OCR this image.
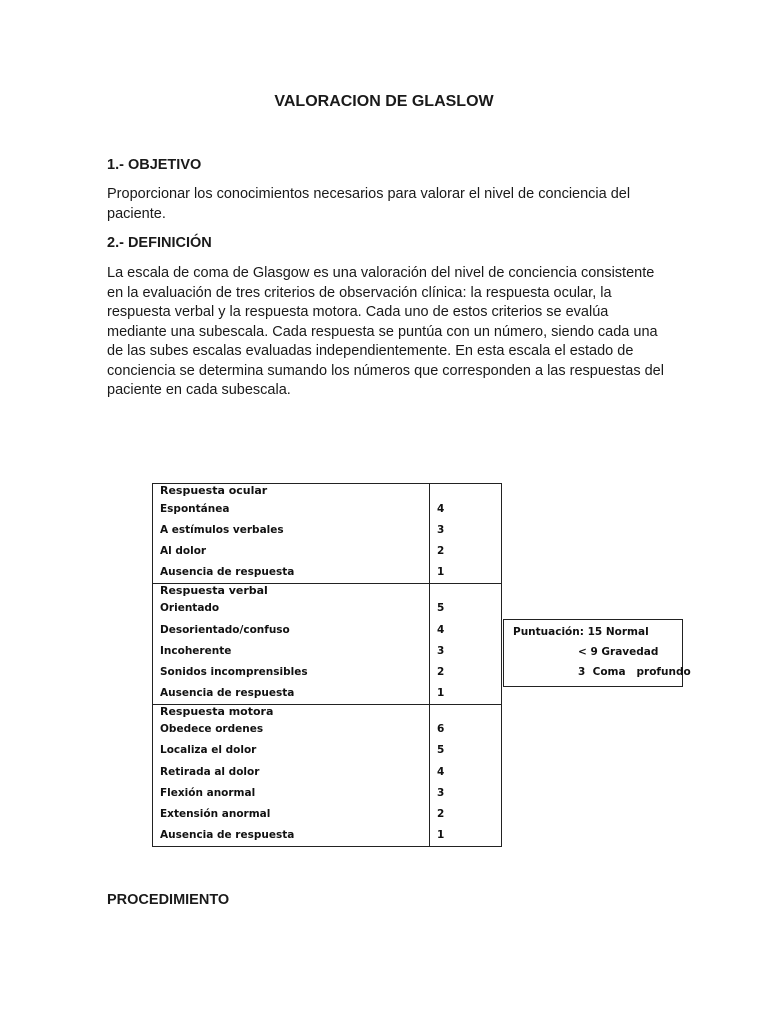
VALORACION DE GLASLOW
1.- OBJETIVO
Proporcionar los conocimientos necesarios para valorar el nivel de conciencia del paciente.
2.- DEFINICIÓN
La escala de coma de Glasgow es una valoración del nivel de conciencia consistente en la evaluación de tres criterios de observación clínica: la respuesta ocular, la respuesta verbal y la respuesta motora. Cada uno de estos criterios se evalúa mediante una subescala. Cada respuesta se puntúa con un número, siendo cada una de las subes escalas evaluadas independientemente. En esta escala el estado de conciencia se determina sumando los números que corresponden a las respuestas del paciente en cada subescala.
Respuesta ocular	
Espontánea	4
A estímulos verbales	3
Al dolor	2
Ausencia de respuesta	1
Respuesta verbal	
Orientado	5
Desorientado/confuso	4
Incoherente	3
Sonidos incomprensibles	2
Ausencia de respuesta	1
Respuesta motora	
Obedece ordenes	6
Localiza el dolor	5
Retirada al dolor	4
Flexión anormal	3
Extensión anormal	2
Ausencia de respuesta	1
Puntuación: 15 Normal
< 9 Gravedad
3  Coma   profundo
PROCEDIMIENTO
